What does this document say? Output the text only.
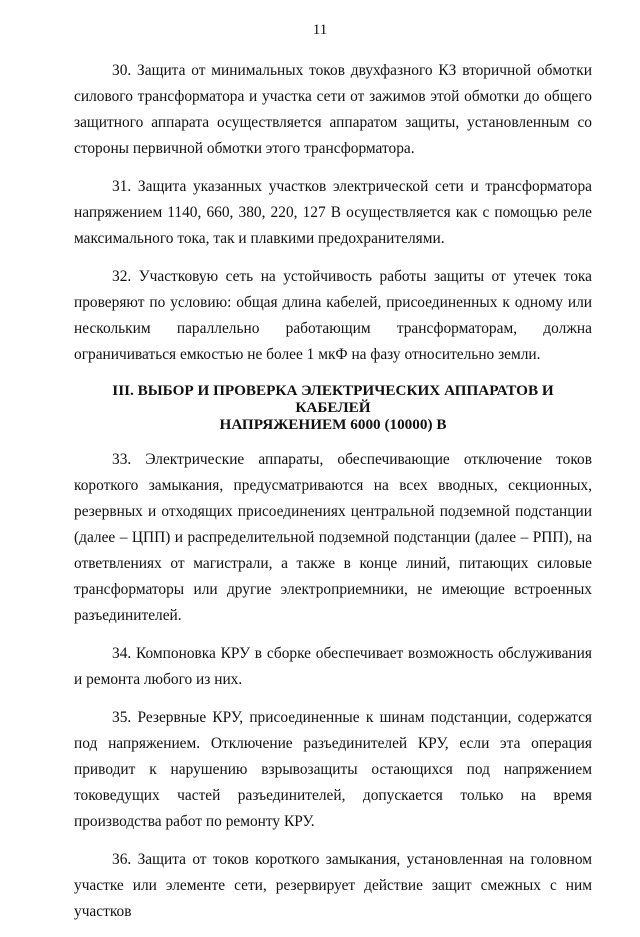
11

30. Защита от минимальных токов двухфазного КЗ вторичной обмотки силового трансформатора и участка сети от зажимов этой обмотки до общего защитного аппарата осуществляется аппаратом защиты, установленным со стороны первичной обмотки этого трансформатора.

31. Защита указанных участков электрической сети и трансформатора напряжением 1140, 660, 380, 220, 127 В осуществляется как с помощью реле максимального тока, так и плавкими предохранителями.

32. Участковую сеть на устойчивость работы защиты от утечек тока проверяют по условию: общая длина кабелей, присоединенных к одному или нескольким параллельно работающим трансформаторам, должна ограничиваться емкостью не более 1 мкФ на фазу относительно земли.

III. ВЫБОР И ПРОВЕРКА ЭЛЕКТРИЧЕСКИХ АППАРАТОВ И КАБЕЛЕЙ
НАПРЯЖЕНИЕМ 6000 (10000) В

33. Электрические аппараты, обеспечивающие отключение токов короткого замыкания, предусматриваются на всех вводных, секционных, резервных и отходящих присоединениях центральной подземной подстанции (далее – ЦПП) и распределительной подземной подстанции (далее – РПП), на ответвлениях от магистрали, а также в конце линий, питающих силовые трансформаторы или другие электроприемники, не имеющие встроенных разъединителей.

34. Компоновка КРУ в сборке обеспечивает возможность обслуживания и ремонта любого из них.

35. Резервные КРУ, присоединенные к шинам подстанции, содержатся под напряжением. Отключение разъединителей КРУ, если эта операция приводит к нарушению взрывозащиты остающихся под напряжением токоведущих частей разъединителей, допускается только на время производства работ по ремонту КРУ.

36. Защита от токов короткого замыкания, установленная на головном участке или элементе сети, резервирует действие защит смежных с ним участков
